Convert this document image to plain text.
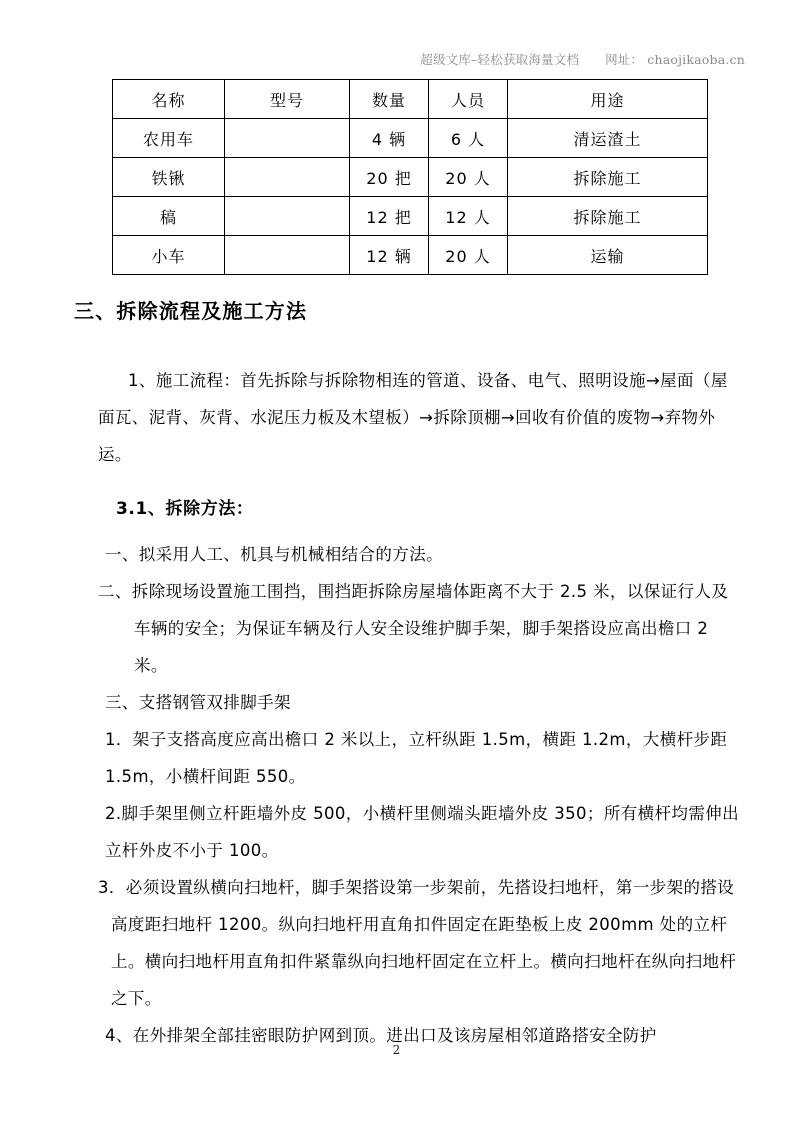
超级文库–轻松获取海量文档 网址： chaojikaoba.cn
名称	型号	数量	人员	用途
农用车		4 辆	6 人	清运渣土
铁锹		20 把	20 人	拆除施工
稿		12 把	12 人	拆除施工
小车		12 辆	20 人	运输
三、拆除流程及施工方法

1、施工流程：首先拆除与拆除物相连的管道、设备、电气、照明设施→屋面（屋面瓦、泥背、灰背、水泥压力板及木望板）→拆除顶棚→回收有价值的废物→弃物外运。

3.1、拆除方法：

一、拟采用人工、机具与机械相结合的方法。

二、拆除现场设置施工围挡，围挡距拆除房屋墙体距离不大于 2.5 米，以保证行人及车辆的安全；为保证车辆及行人安全设维护脚手架，脚手架搭设应高出檐口 2 米。

三、支搭钢管双排脚手架

1．架子支搭高度应高出檐口 2 米以上，立杆纵距 1.5m，横距 1.2m，大横杆步距 1.5m，小横杆间距 550。

2.脚手架里侧立杆距墙外皮 500，小横杆里侧端头距墙外皮 350；所有横杆均需伸出立杆外皮不小于 100。

3．必须设置纵横向扫地杆，脚手架搭设第一步架前，先搭设扫地杆，第一步架的搭设高度距扫地杆 1200。纵向扫地杆用直角扣件固定在距垫板上皮 200mm 处的立杆上。横向扫地杆用直角扣件紧靠纵向扫地杆固定在立杆上。横向扫地杆在纵向扫地杆之下。

4、在外排架全部挂密眼防护网到顶。进出口及该房屋相邻道路搭安全防护

2
